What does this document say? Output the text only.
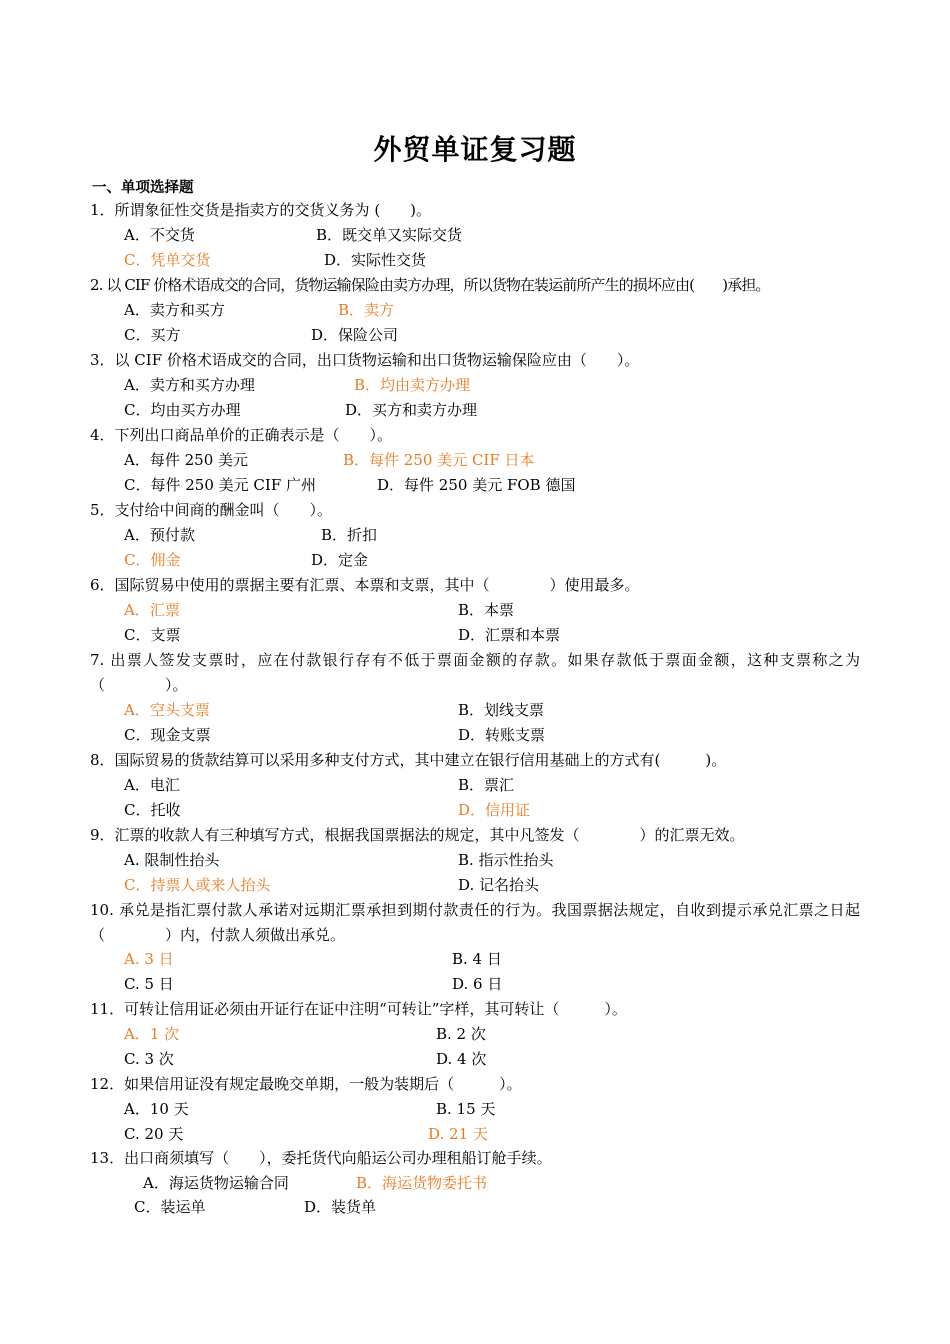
外贸单证复习题
一、单项选择题
1．所谓象征性交货是指卖方的交货义务为 (　　)。
A．不交货	B．既交单又实际交货
C．凭单交货	D．实际性交货
2. 以 CIF 价格术语成交的合同，货物运输保险由卖方办理，所以货物在装运前所产生的损坏应由(　　)承担。
A．卖方和买方	B．卖方
C．买方	D．保险公司
3．以 CIF 价格术语成交的合同，出口货物运输和出口货物运输保险应由（　　）。
A．卖方和买方办理	B．均由卖方办理
C．均由买方办理	D．买方和卖方办理
4．下列出口商品单价的正确表示是（　　）。
A．每件 250 美元	B．每件 250 美元 CIF 日本
C．每件 250 美元 CIF 广州	D．每件 250 美元 FOB 德国
5．支付给中间商的酬金叫（　　）。
A．预付款	B．折扣
C．佣金	D．定金
6．国际贸易中使用的票据主要有汇票、本票和支票，其中（　　　　）使用最多。
A．汇票	B．本票
C．支票	D．汇票和本票
7. 出票人签发支票时，应在付款银行存有不低于票面金额的存款。如果存款低于票面金额，这种支票称之为（　　　　）。
A．空头支票	B．划线支票
C．现金支票	D．转账支票
8．国际贸易的货款结算可以采用多种支付方式，其中建立在银行信用基础上的方式有(　　　)。
A．电汇	B．票汇
C．托收	D．信用证
9．汇票的收款人有三种填写方式，根据我国票据法的规定，其中凡签发（　　　　）的汇票无效。
A. 限制性抬头	B. 指示性抬头
C．持票人或来人抬头	D. 记名抬头
10. 承兑是指汇票付款人承诺对远期汇票承担到期付款责任的行为。我国票据法规定，自收到提示承兑汇票之日起（　　　　）内，付款人须做出承兑。
A. 3 日	B. 4 日
C. 5 日	D. 6 日
11．可转让信用证必须由开证行在证中注明“可转让”字样，其可转让（　　　）。
A．1 次	B. 2 次
C. 3 次	D. 4 次
12．如果信用证没有规定最晚交单期，一般为装期后（　　　）。
A．10 天	B. 15 天
C. 20 天	D. 21 天
13．出口商须填写（　　），委托货代向船运公司办理租船订舱手续。
A．海运货物运输合同	B．海运货物委托书
C．装运单	D．装货单
